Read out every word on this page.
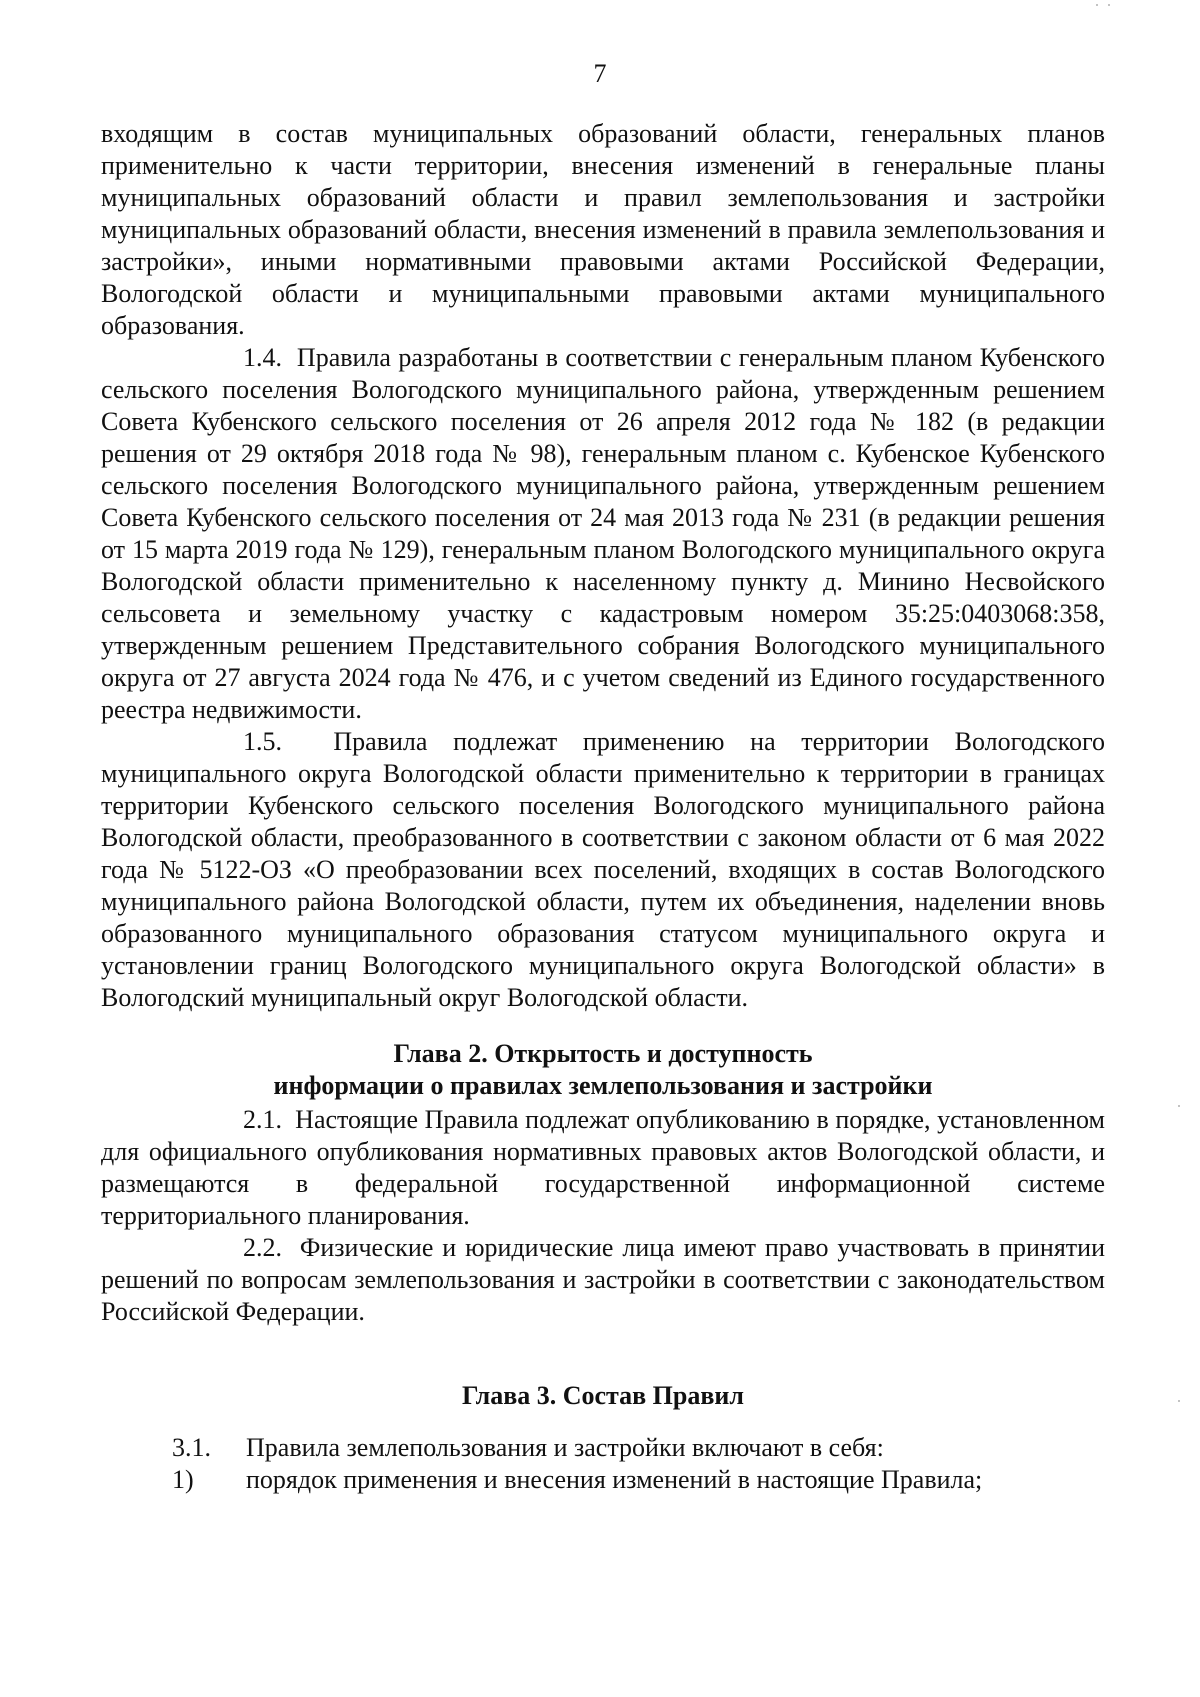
7

входящим в состав муниципальных образований области, генеральных планов применительно к части территории, внесения изменений в генеральные планы муниципальных образований области и правил землепользования и застройки муниципальных образований области, внесения изменений в правила землепользования и застройки», иными нормативными правовыми актами Российской Федерации, Вологодской области и муниципальными правовыми актами муниципального образования.

1.4. Правила разработаны в соответствии с генеральным планом Кубенского сельского поселения Вологодского муниципального района, утвержденным решением Совета Кубенского сельского поселения от 26 апреля 2012 года № 182 (в редакции решения от 29 октября 2018 года № 98), генеральным планом с. Кубенское Кубенского сельского поселения Вологодского муниципального района, утвержденным решением Совета Кубенского сельского поселения от 24 мая 2013 года № 231 (в редакции решения от 15 марта 2019 года № 129), генеральным планом Вологодского муниципального округа Вологодской области применительно к населенному пункту д. Минино Несвойского сельсовета и земельному участку с кадастровым номером 35:25:0403068:358, утвержденным решением Представительного собрания Вологодского муниципального округа от 27 августа 2024 года № 476, и с учетом сведений из Единого государственного реестра недвижимости.

1.5. Правила подлежат применению на территории Вологодского муниципального округа Вологодской области применительно к территории в границах территории Кубенского сельского поселения Вологодского муниципального района Вологодской области, преобразованного в соответствии с законом области от 6 мая 2022 года № 5122-ОЗ «О преобразовании всех поселений, входящих в состав Вологодского муниципального района Вологодской области, путем их объединения, наделении вновь образованного муниципального образования статусом муниципального округа и установлении границ Вологодского муниципального округа Вологодской области» в Вологодский муниципальный округ Вологодской области.

Глава 2. Открытость и доступность
информации о правилах землепользования и застройки

2.1. Настоящие Правила подлежат опубликованию в порядке, установленном для официального опубликования нормативных правовых актов Вологодской области, и размещаются в федеральной государственной информационной системе территориального планирования.

2.2. Физические и юридические лица имеют право участвовать в принятии решений по вопросам землепользования и застройки в соответствии с законодательством Российской Федерации.

Глава 3. Состав Правил
3.1.	Правила землепользования и застройки включают в себя:
1)	порядок применения и внесения изменений в настоящие Правила;
